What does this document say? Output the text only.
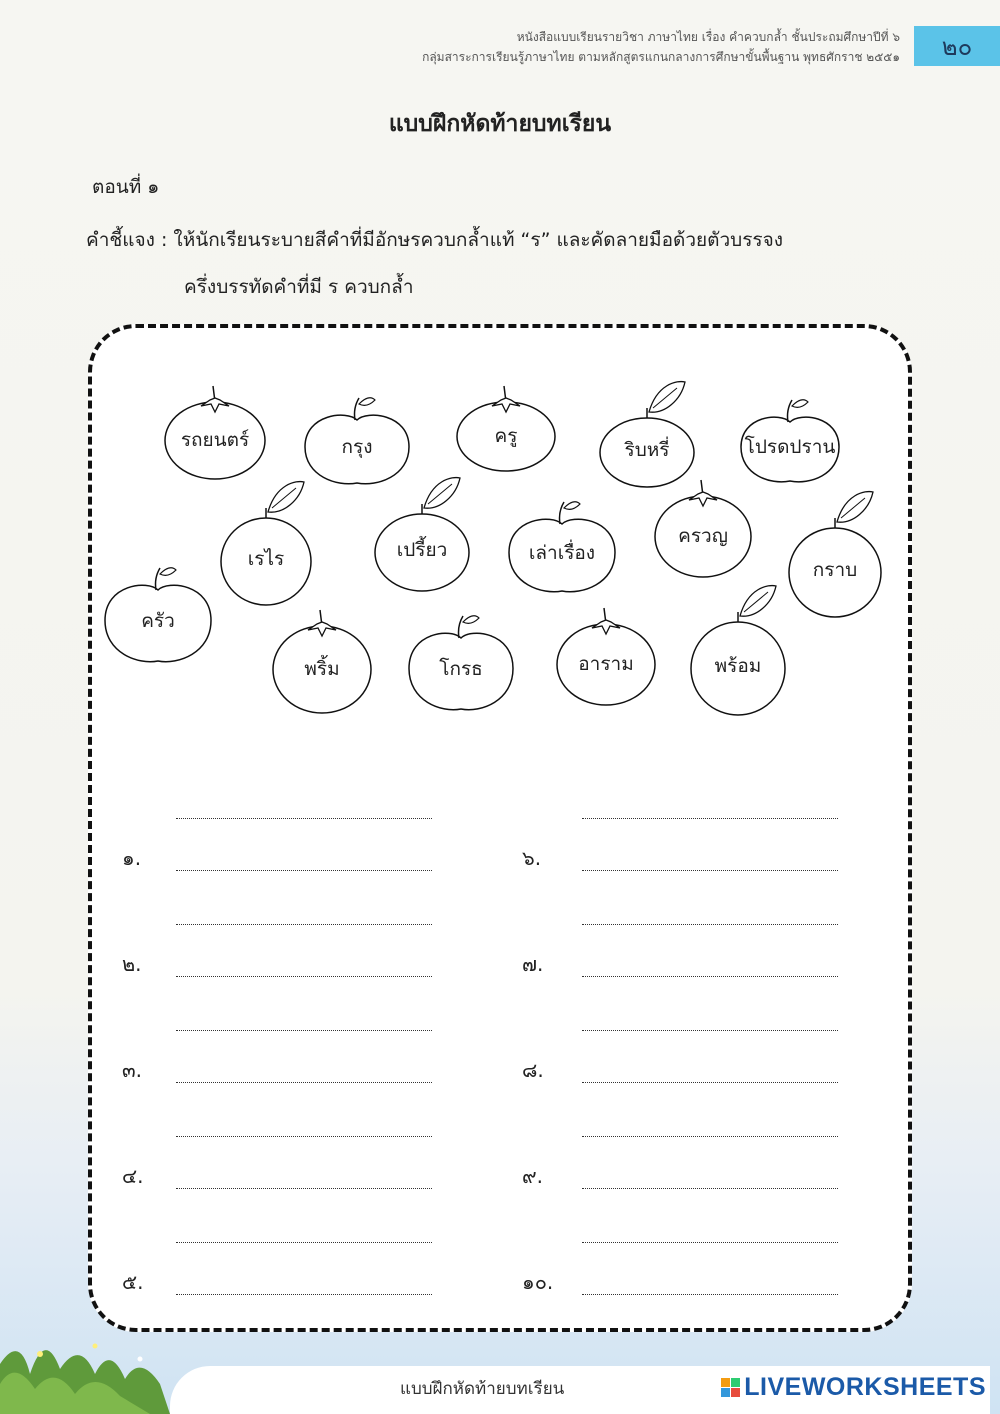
หนังสือแบบเรียนรายวิชา ภาษาไทย เรื่อง คำควบกล้ำ ชั้นประถมศึกษาปีที่ ๖
กลุ่มสาระการเรียนรู้ภาษาไทย ตามหลักสูตรแกนกลางการศึกษาขั้นพื้นฐาน พุทธศักราช ๒๕๕๑	๒๐
แบบฝึกหัดท้ายบทเรียน
ตอนที่ ๑
คำชี้แจง : ให้นักเรียนระบายสีคำที่มีอักษรควบกล้ำแท้ “ร” และคัดลายมือด้วยตัวบรรจง
ครึ่งบรรทัดคำที่มี ร ควบกล้ำ
รถยนตร์	กรุง	ครู
ริบหรี่	โปรดปราน
เรไร	เปรี้ยว	เล่าเรื่อง
ครวญ
กราบ
ครัว
พริ้ม	โกรธ	อาราม	พร้อม
๑.
๒.
๓.
๔.
๕.
๖.
๗.
๘.
๙.
๑๐.
แบบฝึกหัดท้ายบทเรียน	LIVEWORKSHEETS
